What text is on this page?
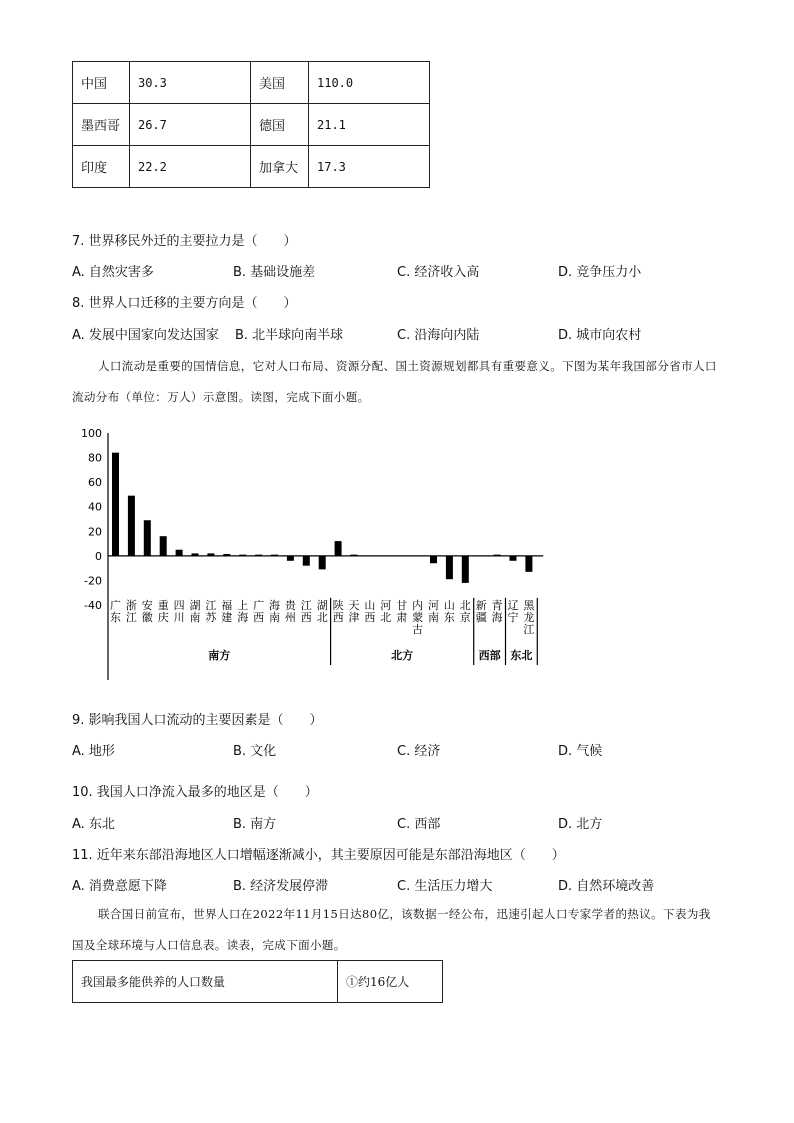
中国	30.3	美国	110.0
墨西哥	26.7	德国	21.1
印度	22.2	加拿大	17.3
7. 世界移民外迁的主要拉力是（　　）
A. 自然灾害多	B. 基础设施差	C. 经济收入高	D. 竞争压力小
8. 世界人口迁移的主要方向是（　　）
A. 发展中国家向发达国家 B. 北半球向南半球	C. 沿海向内陆	D. 城市向农村
人口流动是重要的国情信息，它对人口布局、资源分配、国土资源规划都具有重要意义。下图为某年我国部分省市人口流动分布（单位：万人）示意图。读图，完成下面小题。
100
80
60
40
20
0
-20
-40 广东
浙江
安徽
重庆
四川
湖南
江苏
福建
上海
广西
海南
贵州
江西
湖北
陕西
天津
山西
河北
甘肃
内蒙古
河南
山东
北京
新疆
青海
辽宁
黑龙江
南方	北方	西部 东北
9. 影响我国人口流动的主要因素是（　　）
A. 地形	B. 文化	C. 经济	D. 气候
10. 我国人口净流入最多的地区是（　　）
A. 东北	B. 南方	C. 西部	D. 北方
11. 近年来东部沿海地区人口增幅逐渐减小，其主要原因可能是东部沿海地区（　　）
A. 消费意愿下降	B. 经济发展停滞	C. 生活压力增大	D. 自然环境改善
联合国日前宣布，世界人口在2022年11月15日达80亿，该数据一经公布，迅速引起人口专家学者的热议。下表为我国及全球环境与人口信息表。读表，完成下面小题。
我国最多能供养的人口数量	①约16亿人
